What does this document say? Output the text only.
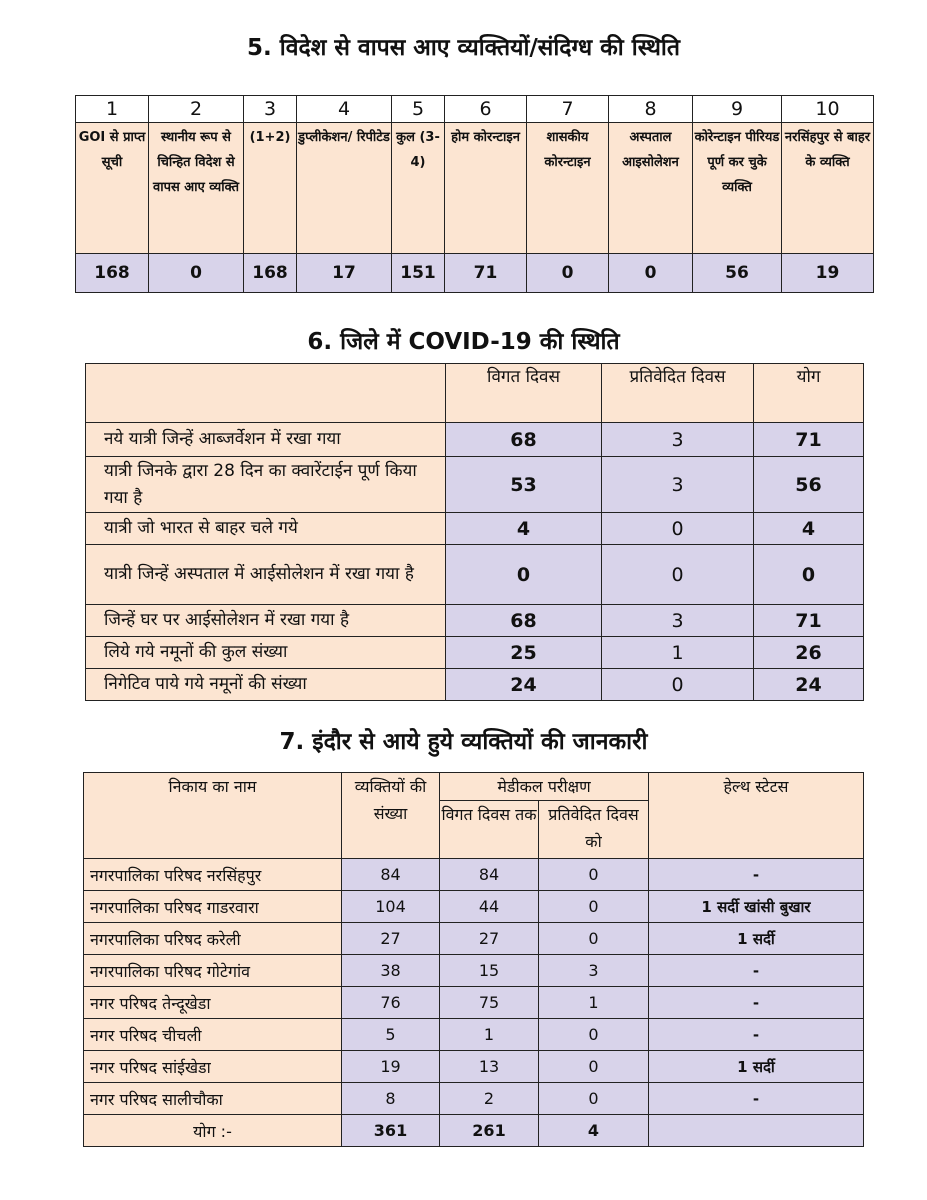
5. विदेश से वापस आए व्यक्तियों/संदिग्ध की स्थिति
1	2	3	4	5	6	7	8	9	10
GOI से प्राप्त सूची	स्थानीय रूप से चिन्हित विदेश से वापस आए व्यक्ति	(1+2)	डुप्लीकेशन/ रिपीटेड	कुल (3-4)	होम कोरन्टाइन	शासकीय कोरन्टाइन	अस्पताल आइसोलेशन	कोरेन्टाइन पीरियड पूर्ण कर चुके व्यक्ति	नरसिंहपुर से बाहर के व्यक्ति
168	0	168	17	151	71	0	0	56	19
6. जिले में COVID-19 की स्थिति
	विगत दिवस	प्रतिवेदित दिवस	योग
नये यात्री जिन्हें आब्जर्वेशन में रखा गया	68	3	71
यात्री जिनके द्वारा 28 दिन का क्वारेंटाईन पूर्ण किया गया है	53	3	56
यात्री जो भारत से बाहर चले गये	4	0	4
यात्री जिन्हें अस्पताल में आईसोलेशन में रखा गया है	0	0	0
जिन्हें घर पर आईसोलेशन में रखा गया है	68	3	71
लिये गये नमूनों की कुल संख्या	25	1	26
निगेटिव पाये गये नमूनों की संख्या	24	0	24
7. इंदौर से आये हुये व्यक्तियों की जानकारी
निकाय का नाम	व्यक्तियों की संख्या	मेडीकल परीक्षण		हेल्थ स्टेटस
		विगत दिवस तक	प्रतिवेदित दिवस को	
नगरपालिका परिषद नरसिंहपुर	84	84	0	-
नगरपालिका परिषद गाडरवारा	104	44	0	1 सर्दी खांसी बुखार
नगरपालिका परिषद करेली	27	27	0	1 सर्दी
नगरपालिका परिषद गोटेगांव	38	15	3	-
नगर परिषद तेन्दूखेडा	76	75	1	-
नगर परिषद चीचली	5	1	0	-
नगर परिषद सांईखेडा	19	13	0	1 सर्दी
नगर परिषद सालीचौका	8	2	0	-
योग :-	361	261	4	
